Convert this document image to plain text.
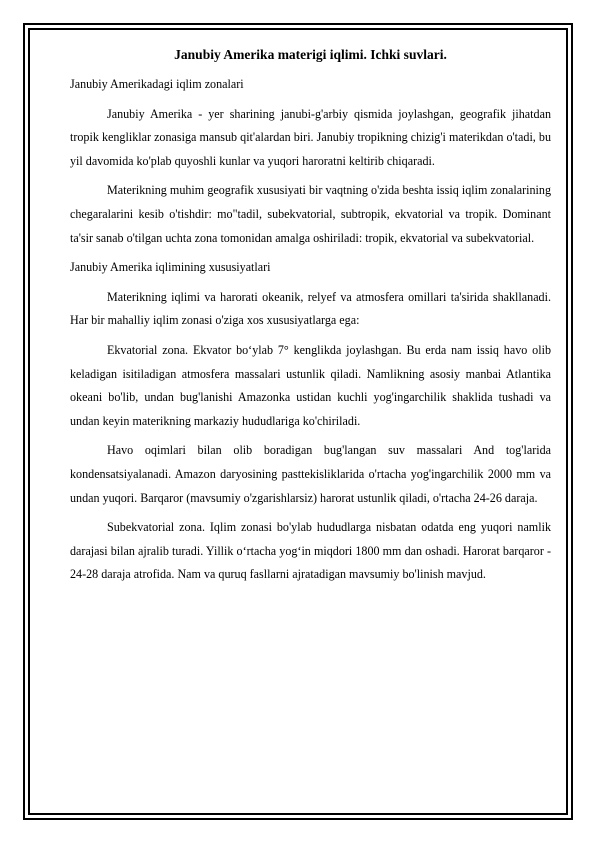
Janubiy Amerika materigi iqlimi. Ichki suvlari.
Janubiy Amerikadagi iqlim zonalari
Janubiy Amerika - yer sharining janubi-g'arbiy qismida joylashgan, geografik jihatdan tropik kengliklar zonasiga mansub qit'alardan biri. Janubiy tropikning chizig'i materikdan o'tadi, bu yil davomida ko'plab quyoshli kunlar va yuqori haroratni keltirib chiqaradi.
Materikning muhim geografik xususiyati bir vaqtning o'zida beshta issiq iqlim zonalarining chegaralarini kesib o'tishdir: mo"tadil, subekvatorial, subtropik, ekvatorial va tropik. Dominant ta'sir sanab o'tilgan uchta zona tomonidan amalga oshiriladi: tropik, ekvatorial va subekvatorial.
Janubiy Amerika iqlimining xususiyatlari
Materikning iqlimi va harorati okeanik, relyef va atmosfera omillari ta'sirida shakllanadi. Har bir mahalliy iqlim zonasi o'ziga xos xususiyatlarga ega:
Ekvatorial zona. Ekvator bo‘ylab 7° kenglikda joylashgan. Bu erda nam issiq havo olib keladigan isitiladigan atmosfera massalari ustunlik qiladi. Namlikning asosiy manbai Atlantika okeani bo'lib, undan bug'lanishi Amazonka ustidan kuchli yog'ingarchilik shaklida tushadi va undan keyin materikning markaziy hududlariga ko'chiriladi.
Havo oqimlari bilan olib boradigan bug'langan suv massalari And tog'larida kondensatsiyalanadi. Amazon daryosining pasttekisliklarida o'rtacha yog'ingarchilik 2000 mm va undan yuqori. Barqaror (mavsumiy o'zgarishlarsiz) harorat ustunlik qiladi, o'rtacha 24-26 daraja.
Subekvatorial zona. Iqlim zonasi bo'ylab hududlarga nisbatan odatda eng yuqori namlik darajasi bilan ajralib turadi. Yillik o‘rtacha yog‘in miqdori 1800 mm dan oshadi. Harorat barqaror - 24-28 daraja atrofida. Nam va quruq fasllarni ajratadigan mavsumiy bo'linish mavjud.
